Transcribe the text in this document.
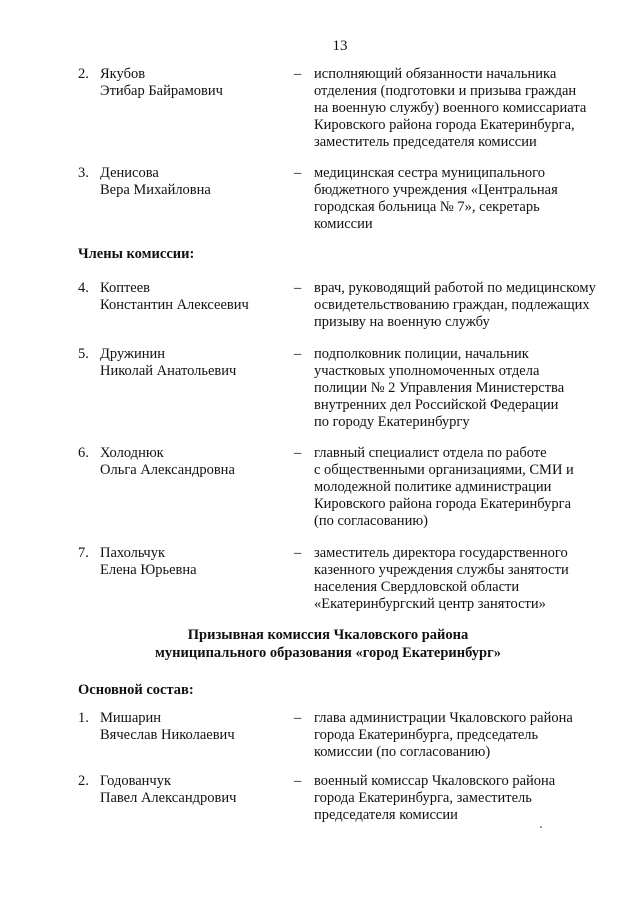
13
2. Якубов
Этибар Байрамович
– исполняющий обязанности начальника
отделения (подготовки и призыва граждан
на военную службу) военного комиссариата
Кировского района города Екатеринбурга,
заместитель председателя комиссии
3. Денисова
Вера Михайловна
– медицинская сестра муниципального
бюджетного учреждения «Центральная
городская больница № 7», секретарь
комиссии
Члены комиссии:
4. Коптеев
Константин Алексеевич
– врач, руководящий работой по медицинскому
освидетельствованию граждан, подлежащих
призыву на военную службу
5. Дружинин
Николай Анатольевич
– подполковник полиции, начальник
участковых уполномоченных отдела
полиции № 2 Управления Министерства
внутренних дел Российской Федерации
по городу Екатеринбургу
6. Холоднюк
Ольга Александровна
– главный специалист отдела по работе
с общественными организациями, СМИ и
молодежной политике администрации
Кировского района города Екатеринбурга
(по согласованию)
7. Пахольчук
Елена Юрьевна
– заместитель директора государственного
казенного учреждения службы занятости
населения Свердловской области
«Екатеринбургский центр занятости»
Призывная комиссия Чкаловского района
муниципального образования «город Екатеринбург»
Основной состав:
1. Мишарин
Вячеслав Николаевич
– глава администрации Чкаловского района
города Екатеринбурга, председатель
комиссии (по согласованию)
2. Годованчук
Павел Александрович
– военный комиссар Чкаловского района
города Екатеринбурга, заместитель
председателя комиссии
